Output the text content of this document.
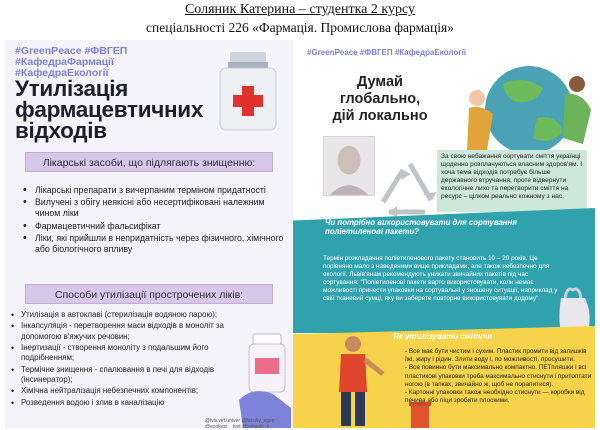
Соляник Катерина – студентка 2 курсу
спеціальності 226 «Фармація. Промислова фармація»
#GreenPeace #ФВГЕП
#КафедраФармації
#КафедраЕкології
Утилізація
фармацевтичних
відходів
Лікарські засоби, що підлягають знищенню:
• Лікарські препарати з вичерпаним терміном придатності
• Вилучені з обігу неякісні або несертифіковані належним чином ліки
• Фармацевтичний фальсифікат
• Ліки, які прийшли в непридатність через фізичного, хімічного або біологічного впливу
Способи утилізації прострочених ліків:
• Утилізація в автоклаві (стерилізація водяною парою);
• Інкапсуляція - перетворення маси відходів в моноліт за допомогою в'яжучих речовин;
• Інертизації - створення моноліту з подальшим його подрібненням;
• Термічне знищення - спалювання в печі для відходів (інсинератор);
• Хімічна нейтралізація небезпечних компонентів;
• Розведення водою і злив в каналізацію
@lviv.vet.univer @faculty_vgep @ecology__lvet @solianik_k
#GreenPeace #ФВГЕП #КафедраЕкології
Думай глобально,
дій локально
За свою небажання сортувати сміття українці щоденно розплачуються власним здоров'ям. І хоча тема відходів потребує більше державного втручання, проте відвернути екологічне лихо та перетворити сміття на ресурс – цілком реально кожному з нас.
Чи потрібно використовувати для сортування поліетиленові пакети?
Термін розкладання поліетиленового пакету становить 10 – 20 років. Це порівняно мало з наведеними вище прикладами, але також небезпечно для екології. Львів'янам рекомендують уникати звичайних пакетів під час сортування: "Поліетиленові пакети варто використовувати, коли немає можливості принести упаковки на сортувальні у зношену ситуації, наприклад у свій тканевий сумці, яку ви заберете повторне використовувати додому".
Як утилізувати сміття
- Все має бути чистим і сухим. Пластик промити від залишків їжі, жиру і рідин. Злити воду і, по можливості, просушити.
- Все повинно бути максимально компактно. ПЕТпляшки і всі пластикові упаковки треба максимально стиснути і притоптати ногою (в тапках, звичайно ж, щоб не порапитися).
- Картонні упаковки також необхідно стиснути — коробки від печива або піци зробити плоскими.
